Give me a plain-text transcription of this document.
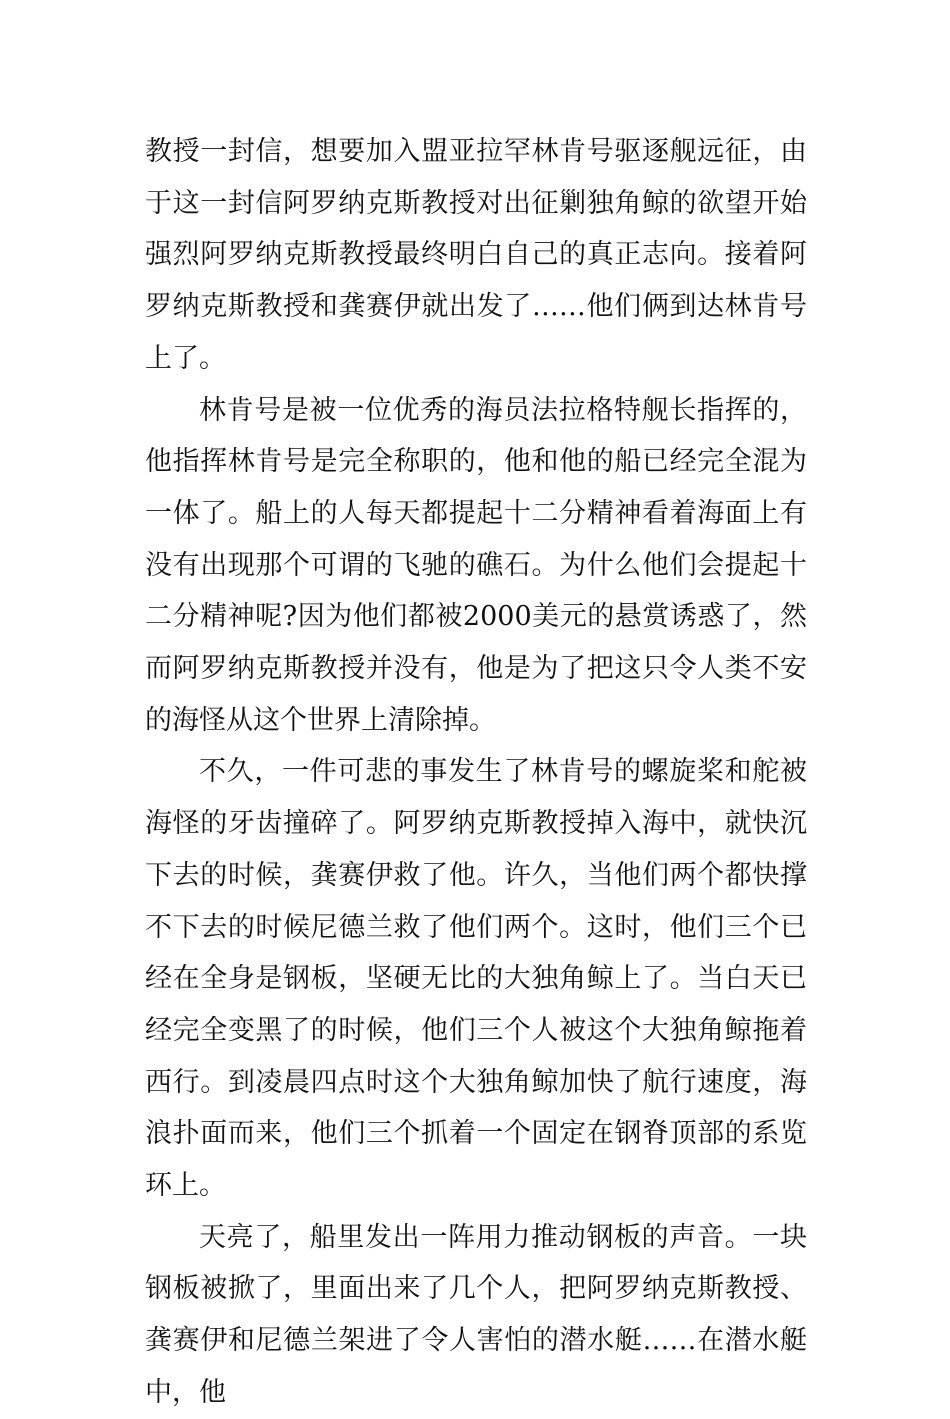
教授一封信，想要加入盟亚拉罕林肯号驱逐舰远征，由于这一封信阿罗纳克斯教授对出征剿独角鲸的欲望开始强烈阿罗纳克斯教授最终明白自己的真正志向。接着阿罗纳克斯教授和龚赛伊就出发了……他们俩到达林肯号上了。

林肯号是被一位优秀的海员法拉格特舰长指挥的，他指挥林肯号是完全称职的，他和他的船已经完全混为一体了。船上的人每天都提起十二分精神看着海面上有没有出现那个可谓的飞驰的礁石。为什么他们会提起十二分精神呢?因为他们都被2000美元的悬赏诱惑了，然而阿罗纳克斯教授并没有，他是为了把这只令人类不安的海怪从这个世界上清除掉。

不久，一件可悲的事发生了林肯号的螺旋桨和舵被海怪的牙齿撞碎了。阿罗纳克斯教授掉入海中，就快沉下去的时候，龚赛伊救了他。许久，当他们两个都快撑不下去的时候尼德兰救了他们两个。这时，他们三个已经在全身是钢板，坚硬无比的大独角鲸上了。当白天已经完全变黑了的时候，他们三个人被这个大独角鲸拖着西行。到凌晨四点时这个大独角鲸加快了航行速度，海浪扑面而来，他们三个抓着一个固定在钢脊顶部的系览环上。

天亮了，船里发出一阵用力推动钢板的声音。一块钢板被掀了，里面出来了几个人，把阿罗纳克斯教授、龚赛伊和尼德兰架进了令人害怕的潜水艇……在潜水艇中，他
